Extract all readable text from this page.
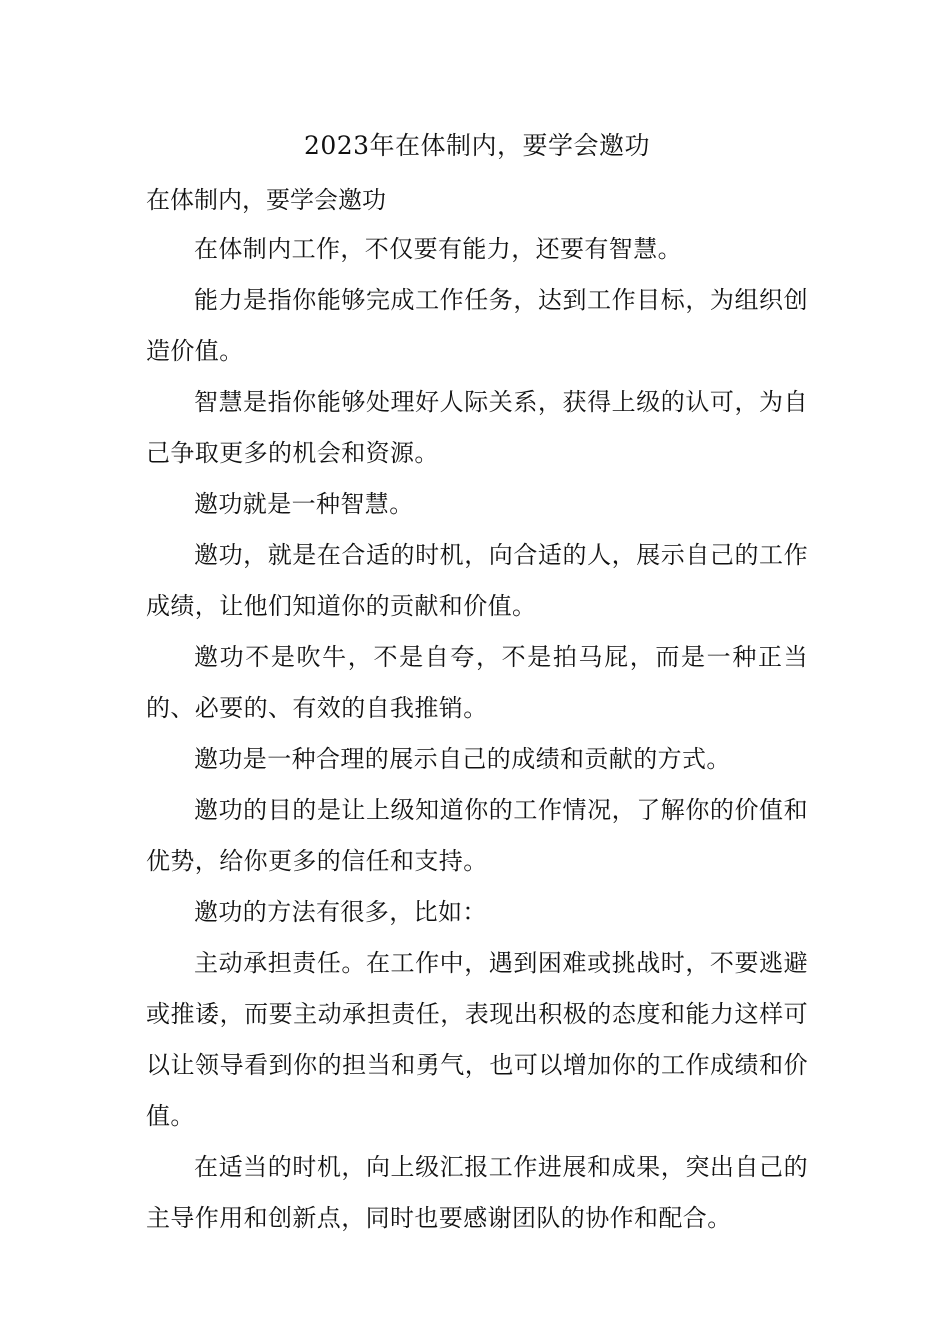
2023年在体制内，要学会邀功

在体制内，要学会邀功

在体制内工作，不仅要有能力，还要有智慧。

能力是指你能够完成工作任务，达到工作目标，为组织创造价值。

智慧是指你能够处理好人际关系，获得上级的认可，为自己争取更多的机会和资源。

邀功就是一种智慧。

邀功，就是在合适的时机，向合适的人，展示自己的工作成绩，让他们知道你的贡献和价值。

邀功不是吹牛，不是自夸，不是拍马屁，而是一种正当的、必要的、有效的自我推销。

邀功是一种合理的展示自己的成绩和贡献的方式。

邀功的目的是让上级知道你的工作情况，了解你的价值和优势，给你更多的信任和支持。

邀功的方法有很多，比如：

主动承担责任。在工作中，遇到困难或挑战时，不要逃避或推诿，而要主动承担责任，表现出积极的态度和能力这样可以让领导看到你的担当和勇气，也可以增加你的工作成绩和价值。

在适当的时机，向上级汇报工作进展和成果，突出自己的主导作用和创新点，同时也要感谢团队的协作和配合。
